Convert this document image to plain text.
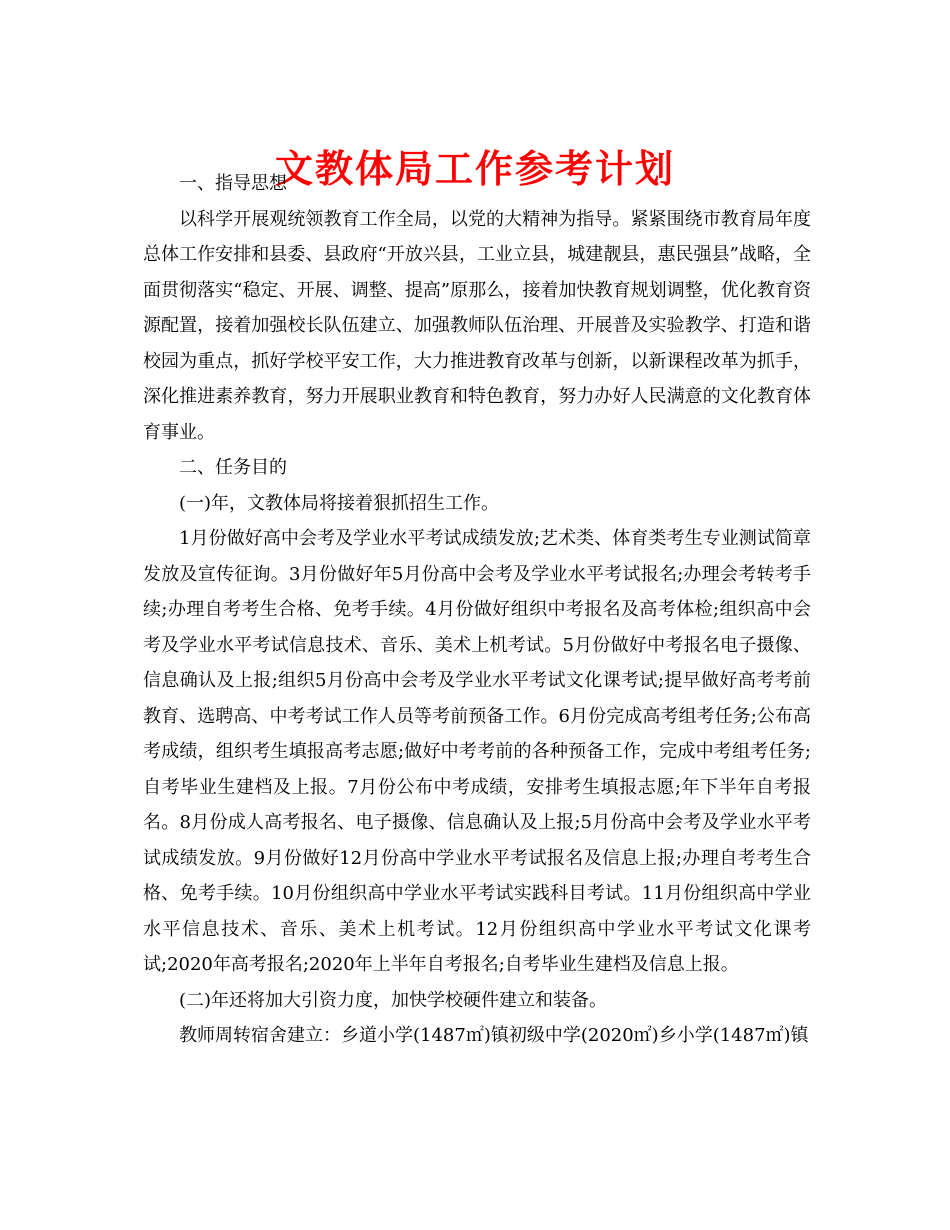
文教体局工作参考计划

一、指导思想

以科学开展观统领教育工作全局，以党的大精神为指导。紧紧围绕市教育局年度总体工作安排和县委、县政府“开放兴县，工业立县，城建靓县，惠民强县”战略，全面贯彻落实“稳定、开展、调整、提高”原那么，接着加快教育规划调整，优化教育资源配置，接着加强校长队伍建立、加强教师队伍治理、开展普及实验教学、打造和谐校园为重点，抓好学校平安工作，大力推进教育改革与创新，以新课程改革为抓手，深化推进素养教育，努力开展职业教育和特色教育，努力办好人民满意的文化教育体育事业。

二、任务目的

(一)年，文教体局将接着狠抓招生工作。

1月份做好高中会考及学业水平考试成绩发放;艺术类、体育类考生专业测试简章发放及宣传征询。3月份做好年5月份高中会考及学业水平考试报名;办理会考转考手续;办理自考考生合格、免考手续。4月份做好组织中考报名及高考体检;组织高中会考及学业水平考试信息技术、音乐、美术上机考试。5月份做好中考报名电子摄像、信息确认及上报;组织5月份高中会考及学业水平考试文化课考试;提早做好高考考前教育、选聘高、中考考试工作人员等考前预备工作。6月份完成高考组考任务;公布高考成绩，组织考生填报高考志愿;做好中考考前的各种预备工作，完成中考组考任务;自考毕业生建档及上报。7月份公布中考成绩，安排考生填报志愿;年下半年自考报名。8月份成人高考报名、电子摄像、信息确认及上报;5月份高中会考及学业水平考试成绩发放。9月份做好12月份高中学业水平考试报名及信息上报;办理自考考生合格、免考手续。10月份组织高中学业水平考试实践科目考试。11月份组织高中学业水平信息技术、音乐、美术上机考试。12月份组织高中学业水平考试文化课考试;2020年高考报名;2020年上半年自考报名;自考毕业生建档及信息上报。

(二)年还将加大引资力度，加快学校硬件建立和装备。

教师周转宿舍建立：乡道小学(1487㎡)镇初级中学(2020㎡)乡小学(1487㎡)镇
